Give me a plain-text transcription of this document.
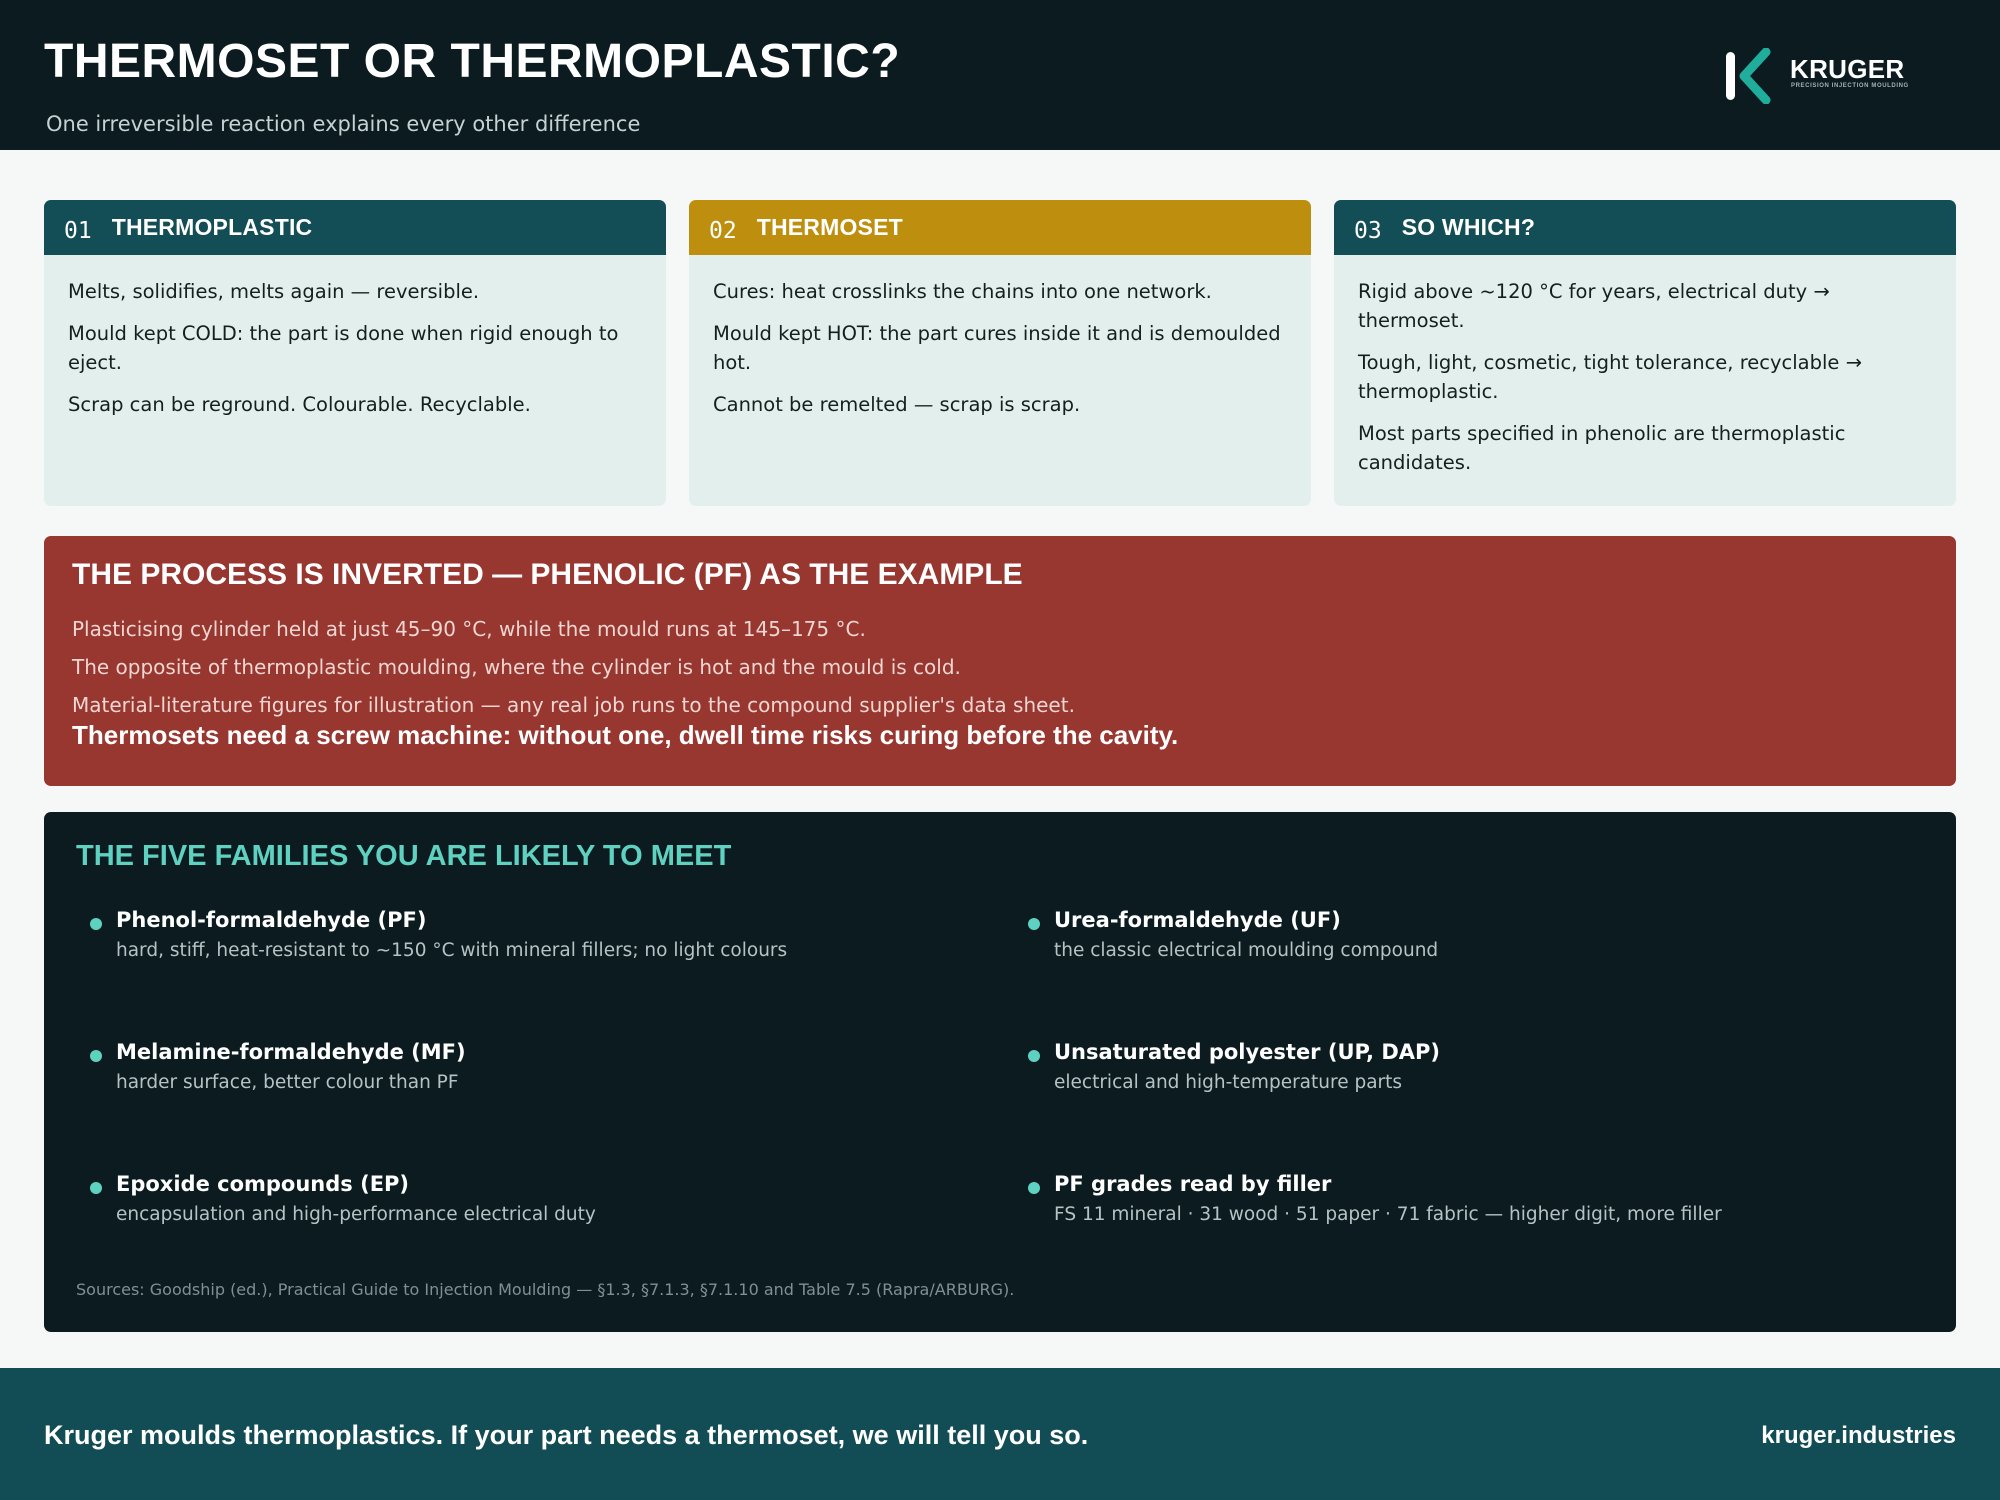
THERMOSET OR THERMOPLASTIC?
One irreversible reaction explains every other difference
KRUGER
PRECISION INJECTION MOULDING
01 THERMOPLASTIC
Melts, solidifies, melts again — reversible.
Mould kept COLD: the part is done when rigid enough to eject.
Scrap can be reground. Colourable. Recyclable.
02 THERMOSET
Cures: heat crosslinks the chains into one network.
Mould kept HOT: the part cures inside it and is demoulded hot.
Cannot be remelted — scrap is scrap.
03 SO WHICH?
Rigid above ~120 °C for years, electrical duty → thermoset.
Tough, light, cosmetic, tight tolerance, recyclable → thermoplastic.
Most parts specified in phenolic are thermoplastic candidates.
THE PROCESS IS INVERTED — PHENOLIC (PF) AS THE EXAMPLE
Plasticising cylinder held at just 45–90 °C, while the mould runs at 145–175 °C.
The opposite of thermoplastic moulding, where the cylinder is hot and the mould is cold.
Material-literature figures for illustration — any real job runs to the compound supplier's data sheet.
Thermosets need a screw machine: without one, dwell time risks curing before the cavity.
THE FIVE FAMILIES YOU ARE LIKELY TO MEET
Phenol-formaldehyde (PF)
hard, stiff, heat-resistant to ~150 °C with mineral fillers; no light colours
Urea-formaldehyde (UF)
the classic electrical moulding compound
Melamine-formaldehyde (MF)
harder surface, better colour than PF
Unsaturated polyester (UP, DAP)
electrical and high-temperature parts
Epoxide compounds (EP)
encapsulation and high-performance electrical duty
PF grades read by filler
FS 11 mineral · 31 wood · 51 paper · 71 fabric — higher digit, more filler
Sources: Goodship (ed.), Practical Guide to Injection Moulding — §1.3, §7.1.3, §7.1.10 and Table 7.5 (Rapra/ARBURG).
Kruger moulds thermoplastics. If your part needs a thermoset, we will tell you so.	kruger.industries
